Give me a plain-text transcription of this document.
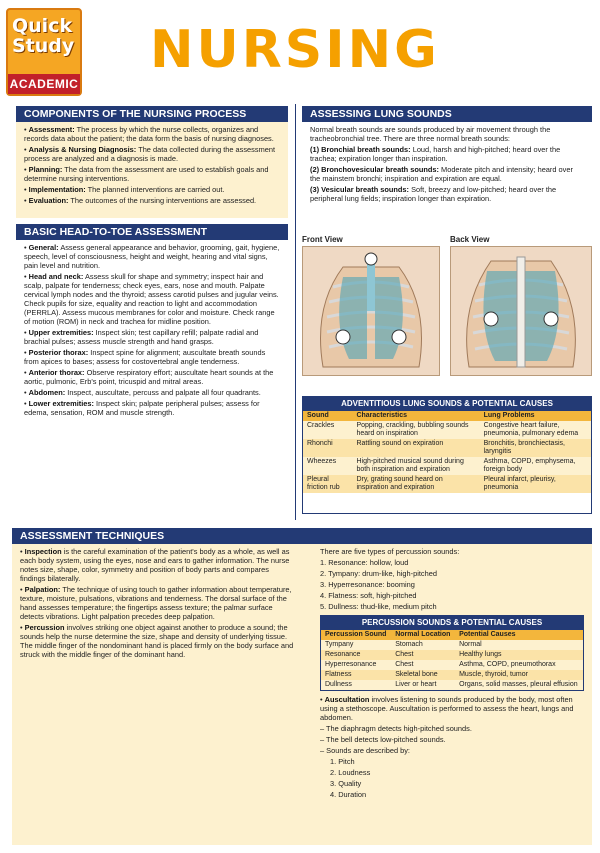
Quick
Study
ACADEMIC
NURSING
COMPONENTS OF THE NURSING PROCESS

• Assessment: The process by which the nurse collects, organizes and records data about the patient; the data form the basis of nursing diagnoses.

• Analysis & Nursing Diagnosis: The data collected during the assessment process are analyzed and a diagnosis is made.

• Planning: The data from the assessment are used to establish goals and determine nursing interventions.

• Implementation: The planned interventions are carried out.

• Evaluation: The outcomes of the nursing interventions are assessed.

BASIC HEAD-TO-TOE ASSESSMENT

• General: Assess general appearance and behavior, grooming, gait, hygiene, speech, level of consciousness, height and weight, hearing and vital signs, pain level and nutrition.

• Head and neck: Assess skull for shape and symmetry; inspect hair and scalp, palpate for tenderness; check eyes, ears, nose and mouth. Palpate cervical lymph nodes and the thyroid; assess carotid pulses and jugular veins. Check pupils for size, equality and reaction to light and accommodation (PERRLA). Assess mucous membranes for color and moisture. Check range of motion (ROM) in neck and trachea for midline position.

• Upper extremities: Inspect skin; test capillary refill; palpate radial and brachial pulses; assess muscle strength and hand grasps.

• Posterior thorax: Inspect spine for alignment; auscultate breath sounds from apices to bases; assess for costovertebral angle tenderness.

• Anterior thorax: Observe respiratory effort; auscultate heart sounds at the aortic, pulmonic, Erb's point, tricuspid and mitral areas.

• Abdomen: Inspect, auscultate, percuss and palpate all four quadrants.

• Lower extremities: Inspect skin; palpate peripheral pulses; assess for edema, sensation, ROM and muscle strength.

ASSESSING LUNG SOUNDS

Normal breath sounds are sounds produced by air movement through the tracheobronchial tree. There are three normal breath sounds:

(1) Bronchial breath sounds: Loud, harsh and high-pitched; heard over the trachea; expiration longer than inspiration.

(2) Bronchovesicular breath sounds: Moderate pitch and intensity; heard over the mainstem bronchi; inspiration and expiration are equal.

(3) Vesicular breath sounds: Soft, breezy and low-pitched; heard over the peripheral lung fields; inspiration longer than expiration.

Front View	Back View
ADVENTITIOUS LUNG SOUNDS & POTENTIAL CAUSES
Sound	Characteristics	Lung Problems
Crackles	Popping, crackling, bubbling sounds heard on inspiration	Congestive heart failure, pneumonia, pulmonary edema
Rhonchi	Rattling sound on expiration	Bronchitis, bronchiectasis, laryngitis
Wheezes	High-pitched musical sound during both inspiration and expiration	Asthma, COPD, emphysema, foreign body
Pleural friction rub	Dry, grating sound heard on inspiration and expiration	Pleural infarct, pleurisy, pneumonia
ASSESSMENT TECHNIQUES

• Inspection is the careful examination of the patient's body as a whole, as well as each body system, using the eyes, nose and ears to gather information. The nurse notes size, shape, color, symmetry and position of body parts and compares findings bilaterally.

• Palpation: The technique of using touch to gather information about temperature, texture, moisture, pulsations, vibrations and tenderness. The dorsal surface of the hand assesses temperature; the fingertips assess texture; the palmar surface detects vibrations. Light palpation precedes deep palpation.

• Percussion involves striking one object against another to produce a sound; the sounds help the nurse determine the size, shape and density of underlying tissue. The middle finger of the nondominant hand is placed firmly on the body surface and struck with the middle finger of the dominant hand.

There are five types of percussion sounds:

1. Resonance: hollow, loud

2. Tympany: drum-like, high-pitched

3. Hyperresonance: booming

4. Flatness: soft, high-pitched

5. Dullness: thud-like, medium pitch

PERCUSSION SOUNDS & POTENTIAL CAUSES
Percussion Sound	Normal Location	Potential Causes
Tympany	Stomach	Normal
Resonance	Chest	Healthy lungs
Hyperresonance	Chest	Asthma, COPD, pneumothorax
Flatness	Skeletal bone	Muscle, thyroid, tumor
Dullness	Liver or heart	Organs, solid masses, pleural effusion

• Auscultation involves listening to sounds produced by the body, most often using a stethoscope. Auscultation is performed to assess the heart, lungs and abdomen.

– The diaphragm detects high-pitched sounds.

– The bell detects low-pitched sounds.

– Sounds are described by:

1. Pitch

2. Loudness

3. Quality

4. Duration
